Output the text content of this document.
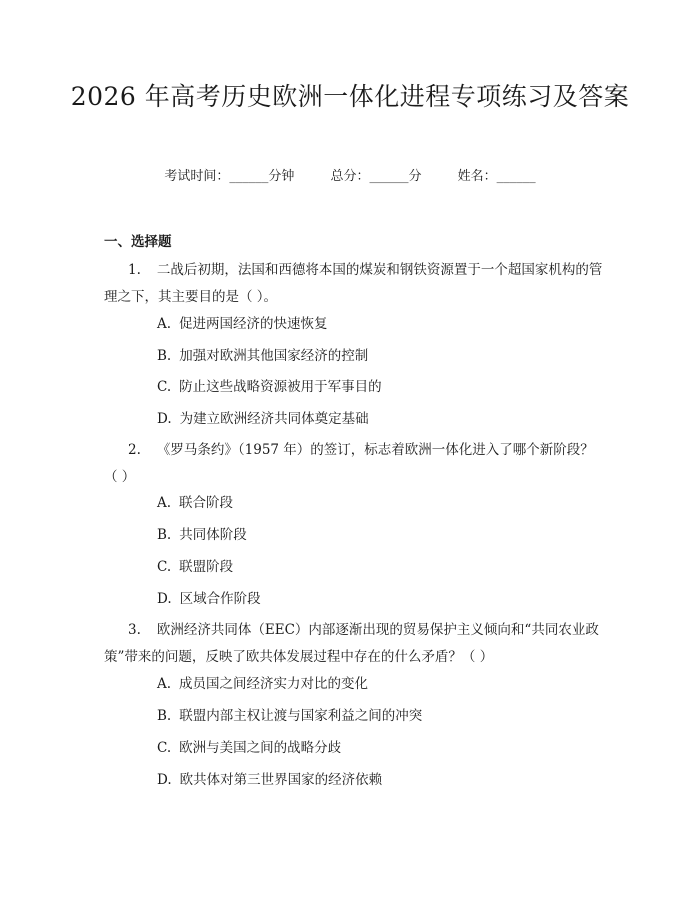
2026 年高考历史欧洲一体化进程专项练习及答案
考试时间：______分钟	总分：______分	姓名：______
一、选择题
1. 二战后初期，法国和西德将本国的煤炭和钢铁资源置于一个超国家机构的管理之下，其主要目的是（ ）。
A. 促进两国经济的快速恢复
B. 加强对欧洲其他国家经济的控制
C. 防止这些战略资源被用于军事目的
D. 为建立欧洲经济共同体奠定基础
2. 《罗马条约》（1957 年）的签订，标志着欧洲一体化进入了哪个新阶段？（ ）
A. 联合阶段
B. 共同体阶段
C. 联盟阶段
D. 区域合作阶段
3. 欧洲经济共同体（EEC）内部逐渐出现的贸易保护主义倾向和“共同农业政策”带来的问题，反映了欧共体发展过程中存在的什么矛盾？（ ）
A. 成员国之间经济实力对比的变化
B. 联盟内部主权让渡与国家利益之间的冲突
C. 欧洲与美国之间的战略分歧
D. 欧共体对第三世界国家的经济依赖
